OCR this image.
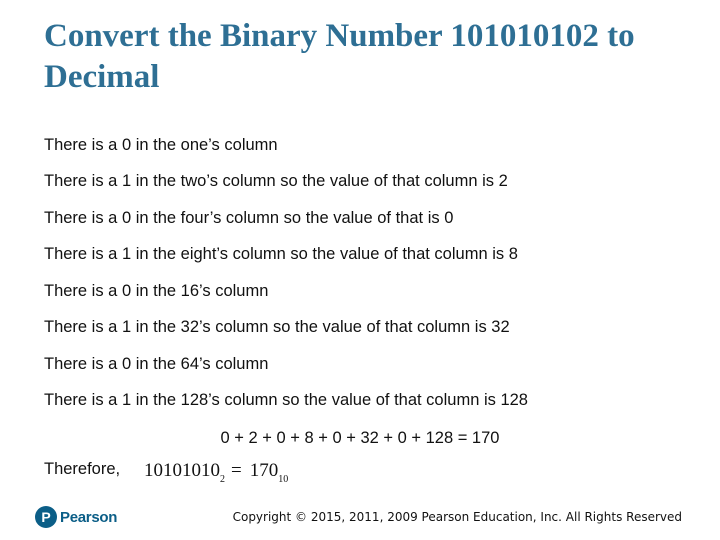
Convert the Binary Number 101010102 to Decimal
There is a 0 in the one’s column
There is a 1 in the two’s column so the value of that column is 2
There is a 0 in the four’s column so the value of that is 0
There is a 1 in the eight’s column so the value of that column is 8
There is a 0 in the 16’s column
There is a 1 in the 32’s column so the value of that column is 32
There is a 0 in the 64’s column
There is a 1 in the 128’s column so the value of that column is 128
0 + 2 + 0 + 8 + 0 + 32 + 0 + 128 = 170
Therefore, $10101010_2 = 170_{10}$
P Pearson	Copyright © 2015, 2011, 2009 Pearson Education, Inc. All Rights Reserved
